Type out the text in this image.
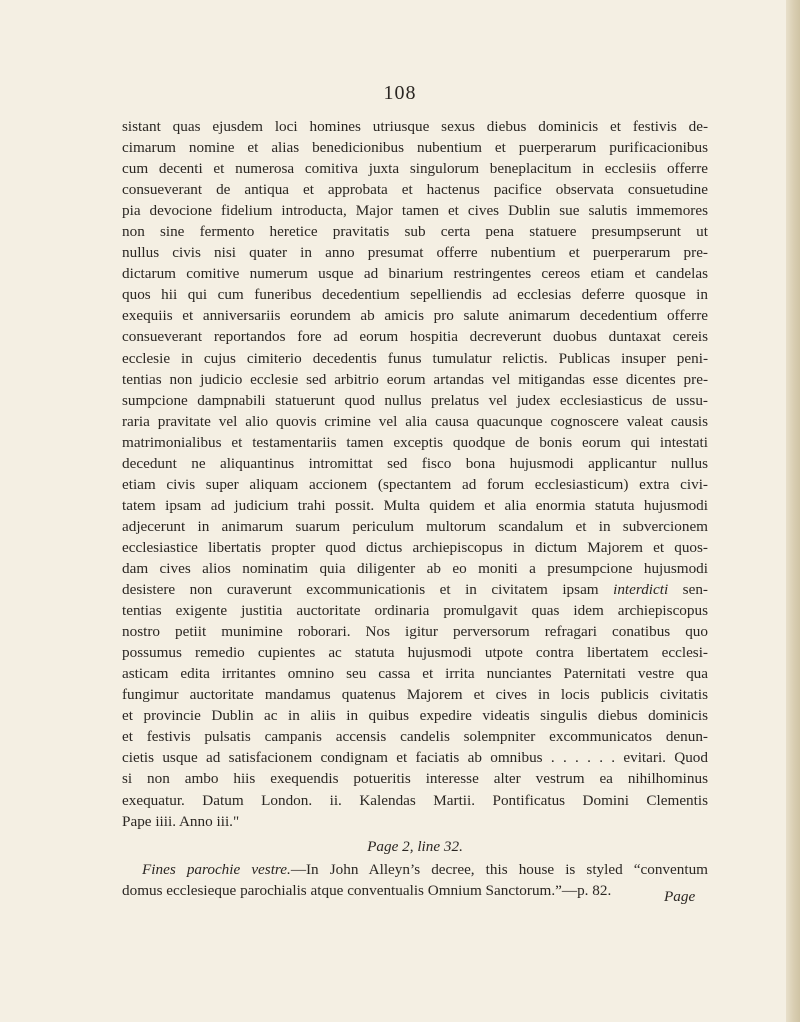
108
sistant quas ejusdem loci homines utriusque sexus diebus dominicis et festivis de-
cimarum nomine et alias benedicionibus nubentium et puerperarum purificacionibus
cum decenti et numerosa comitiva juxta singulorum beneplacitum in ecclesiis offerre
consueverant de antiqua et approbata et hactenus pacifice observata consuetudine
pia devocione fidelium introducta, Major tamen et cives Dublin sue salutis immemores
non sine fermento heretice pravitatis sub certa pena statuere presumpserunt ut
nullus civis nisi quater in anno presumat offerre nubentium et puerperarum pre-
dictarum comitive numerum usque ad binarium restringentes cereos etiam et candelas
quos hii qui cum funeribus decedentium sepelliendis ad ecclesias deferre quosque in
exequiis et anniversariis eorundem ab amicis pro salute animarum decedentium offerre
consueverant reportandos fore ad eorum hospitia decreverunt duobus duntaxat cereis
ecclesie in cujus cimiterio decedentis funus tumulatur relictis. Publicas insuper peni-
tentias non judicio ecclesie sed arbitrio eorum artandas vel mitigandas esse dicentes pre-
sumpcione dampnabili statuerunt quod nullus prelatus vel judex ecclesiasticus de ussu-
raria pravitate vel alio quovis crimine vel alia causa quacunque cognoscere valeat causis
matrimonialibus et testamentariis tamen exceptis quodque de bonis eorum qui intestati
decedunt ne aliquantinus intromittat sed fisco bona hujusmodi applicantur nullus
etiam civis super aliquam accionem (spectantem ad forum ecclesiasticum) extra civi-
tatem ipsam ad judicium trahi possit. Multa quidem et alia enormia statuta hujusmodi
adjecerunt in animarum suarum periculum multorum scandalum et in subvercionem
ecclesiastice libertatis propter quod dictus archiepiscopus in dictum Majorem et quos-
dam cives alios nominatim quia diligenter ab eo moniti a presumpcione hujusmodi
desistere non curaverunt excommunicationis et in civitatem ipsam interdicti sen-
tentias exigente justitia auctoritate ordinaria promulgavit quas idem archiepiscopus
nostro petiit munimine roborari. Nos igitur perversorum refragari conatibus quo
possumus remedio cupientes ac statuta hujusmodi utpote contra libertatem ecclesi-
asticam edita irritantes omnino seu cassa et irrita nunciantes Paternitati vestre qua
fungimur auctoritate mandamus quatenus Majorem et cives in locis publicis civitatis
et provincie Dublin ac in aliis in quibus expedire videatis singulis diebus dominicis
et festivis pulsatis campanis accensis candelis solempniter excommunicatos denun-
cietis usque ad satisfacionem condignam et faciatis ab omnibus . . . . . . evitari. Quod
si non ambo hiis exequendis potueritis interesse alter vestrum ea nihilhominus
exequatur. Datum London. ii. Kalendas Martii. Pontificatus Domini Clementis
Pape iiii. Anno iii."
Page 2, line 32.
Fines parochie vestre.—In John Alleyn’s decree, this house is styled “conventum
domus ecclesieque parochialis atque conventualis Omnium Sanctorum.”—p. 82.	Page
